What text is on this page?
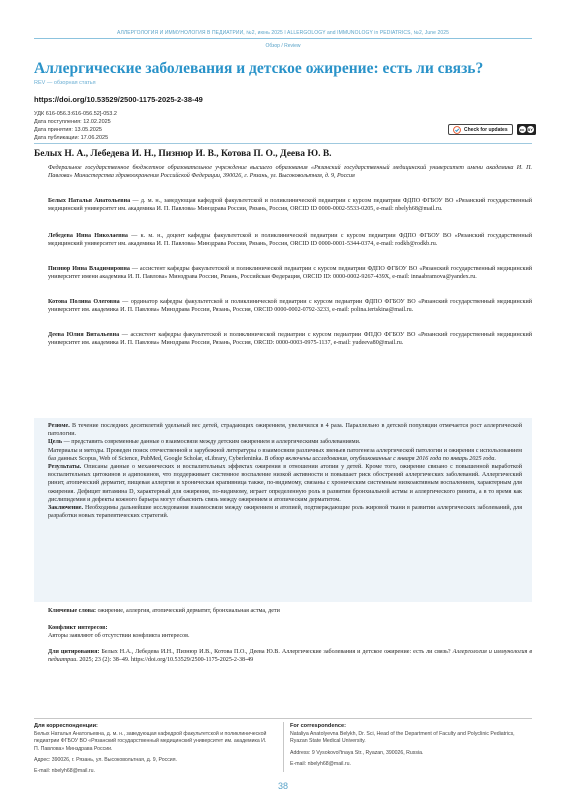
АЛЛЕРГОЛОГИЯ И ИММУНОЛОГИЯ В ПЕДИАТРИИ, №2, июнь 2025 ǀ ALLERGOLOGY and IMMUNOLOGY in PEDIATRICS, №2, June 2025
Обзор / Review
Аллергические заболевания и детское ожирение: есть ли связь?
REV — обзорная статья
https://doi.org/10.53529/2500-1175-2025-2-38-49
УДК 616-056.3:616-056.52]-053.2
Дата поступления: 12.02.2025
Дата принятия: 13.05.2025
Дата публикации: 17.06.2025
Check for updates	cc BY
Белых Н. А., Лебедева И. Н., Пизнюр И. В., Котова П. О., Деева Ю. В.
Федеральное государственное бюджетное образовательное учреждение высшего образования «Рязанский государственный медицинский университет имени академика И. П. Павлова» Министерства здравоохранения Российской Федерации, 390026, г. Рязань, ул. Высоковольтная, д. 9, Россия
Белых Наталья Анатольевна — д. м. н., заведующая кафедрой факультетской и поликлинической педиатрии с курсом педиатрии ФДПО ФГБОУ ВО «Рязанский государственный медицинский университет им. академика И. П. Павлова» Минздрава России, Рязань, Россия, ORCID ID 0000-0002-5533-0205, e-mail: nbelyh68@mail.ru.
Лебедева Инна Николаевна — к. м. н., доцент кафедры факультетской и поликлинической педиатрии с курсом педиатрии ФДПО ФГБОУ ВО «Рязанский государственный медицинский университет им. академика И. П. Павлова» Минздрава России, Рязань, Россия, ORCID ID 0000-0001-5344-0374, e-mail: rodkb@rodkb.ru.
Пизнюр Инна Владимировна — ассистент кафедры факультетской и поликлинической педиатрии с курсом педиатрии ФДПО ФГБОУ ВО «Рязанский государственный медицинский университет имени академика И. П. Павлова» Минздрава России, Рязань, Российская Федерация, ORCID ID: 0000-0002-9267-439X, e-mail: innaabramova@yandex.ru.
Котова Полина Олеговна — ординатор кафедры факультетской и поликлинической педиатрии с курсом педиатрии ФДПО ФГБОУ ВО «Рязанский государственный медицинский университет им. академика И. П. Павлова» Минздрава России, Рязань, Россия, ORCID 0000-0002-0792-3233, e-mail: polina.iertskina@mail.ru.
Деева Юлия Витальевна — ассистент кафедры факультетской и поликлинической педиатрии с курсом педиатрии ФПДО ФГБОУ ВО «Рязанский государственный медицинский университет им. академика И. П. Павлова» Минздрава России, Рязань, Россия, ORCID: 0000-0003-0975-1137, e-mail: yudeeva80@mail.ru.

Резюме. В течение последних десятилетий удельный вес детей, страдающих ожирением, увеличился в 4 раза. Параллельно в детской популяции отмечается рост аллергической патологии.

Цель — представить современные данные о взаимосвязи между детским ожирением и аллергическими заболеваниями.

Материалы и методы. Проведен поиск отечественной и зарубежной литературы о взаимосвязи различных звеньев патогенеза аллергической патологии и ожирения с использованием баз данных Scopus, Web of Science, PubMed, Google Scholar, eLibrary, Cyberleninka. В обзор включены исследования, опубликованные с января 2016 года по январь 2025 года.

Результаты. Описаны данные о механических и воспалительных эффектах ожирения в отношении атопии у детей. Кроме того, ожирение связано с повышенной выработкой воспалительных цитокинов и адипокинов, что поддерживает системное воспаление низкой активности и повышает риск обострений аллергических заболеваний. Аллергический ринит, атопический дерматит, пищевая аллергия и хроническая крапивница также, по-видимому, связаны с хроническим системным низкоактивным воспалением, характерным для ожирения. Дефицит витамина D, характерный для ожирения, по-видимому, играет определенную роль в развитии бронхиальной астмы и аллергического ринита, а в то время как дислипидемия и дефекты кожного барьера могут объяснить связь между ожирением и атопическим дерматитом.

Заключение. Необходимы дальнейшие исследования взаимосвязи между ожирением и атопией, подтверждающие роль жировой ткани в развитии аллергических заболеваний, для разработки новых терапевтических стратегий.

Ключевые слова: ожирение, аллергия, атопический дерматит, бронхиальная астма, дети
Конфликт интересов:
Авторы заявляют об отсутствии конфликта интересов.
Для цитирования: Белых Н.А., Лебедева И.Н., Пизнюр И.В., Котова П.О., Деева Ю.В. Аллергические заболевания и детское ожирение: есть ли связь? Аллергология и иммунология в педиатрии. 2025; 23 (2): 38–49. https://doi.org/10.53529/2500-1175-2025-2-38-49
Для корреспонденции:
Белых Наталья Анатольевна, д. м. н., заведующая кафедрой факультетской и поликлинической педиатрии ФГБОУ ВО «Рязанский государственный медицинский университет им. академика И. П. Павлова» Минздрава России.
Адрес: 390026, г. Рязань, ул. Высоковольтная, д. 9, Россия.
E-mail: nbelyh68@mail.ru.
For correspondence:
Nataliya Anatolyevna Belykh, Dr. Sci, Head of the Department of Faculty and Polyclinic Pediatrics, Ryazan State Medical University.
Address: 9 Vysokovol'tnaya Str., Ryazan, 390026, Russia.
E-mail: nbelyh68@mail.ru.
38
